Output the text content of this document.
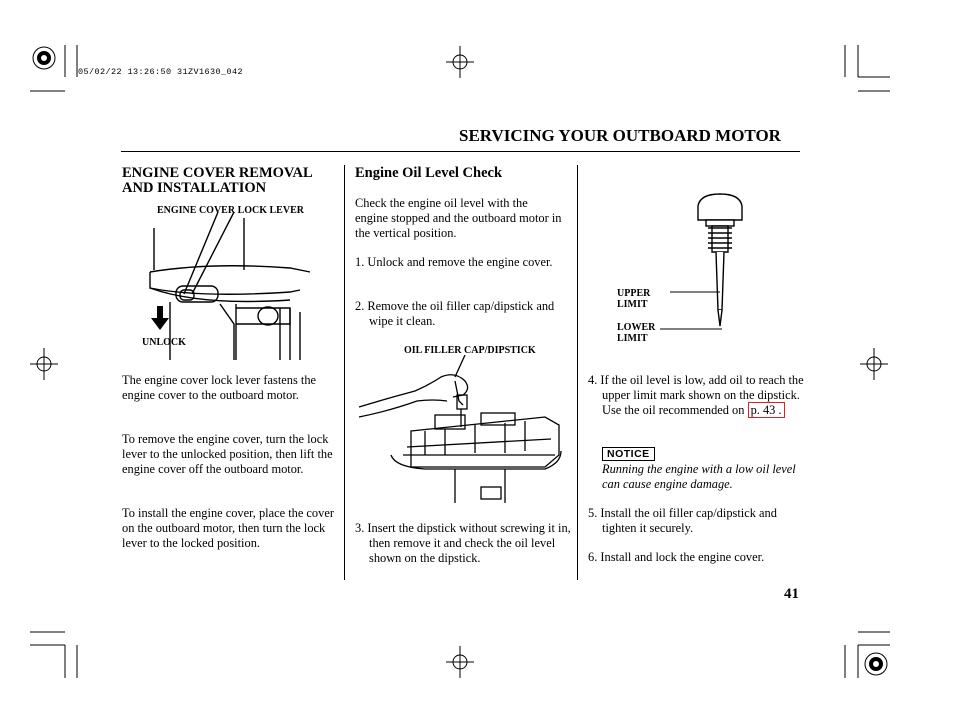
05/02/22 13:26:50 31ZV1630_042
SERVICING YOUR OUTBOARD MOTOR
ENGINE COVER REMOVAL AND INSTALLATION
ENGINE COVER LOCK LEVER
UNLOCK
The engine cover lock lever fastens the engine cover to the outboard motor.
To remove the engine cover, turn the lock lever to the unlocked position, then lift the engine cover off the outboard motor.
To install the engine cover, place the cover on the outboard motor, then turn the lock lever to the locked position.
Engine Oil Level Check
Check the engine oil level with the engine stopped and the outboard motor in the vertical position.
1. Unlock and remove the engine cover.
2. Remove the oil filler cap/dipstick and wipe it clean.
OIL FILLER CAP/DIPSTICK
3. Insert the dipstick without screwing it in, then remove it and check the oil level shown on the dipstick.
UPPER LIMIT
LOWER LIMIT
4. If the oil level is low, add oil to reach the upper limit mark shown on the dipstick. Use the oil recommended on p. 43 .
NOTICE
Running the engine with a low oil level can cause engine damage.
5. Install the oil filler cap/dipstick and tighten it securely.
6. Install and lock the engine cover.
41
